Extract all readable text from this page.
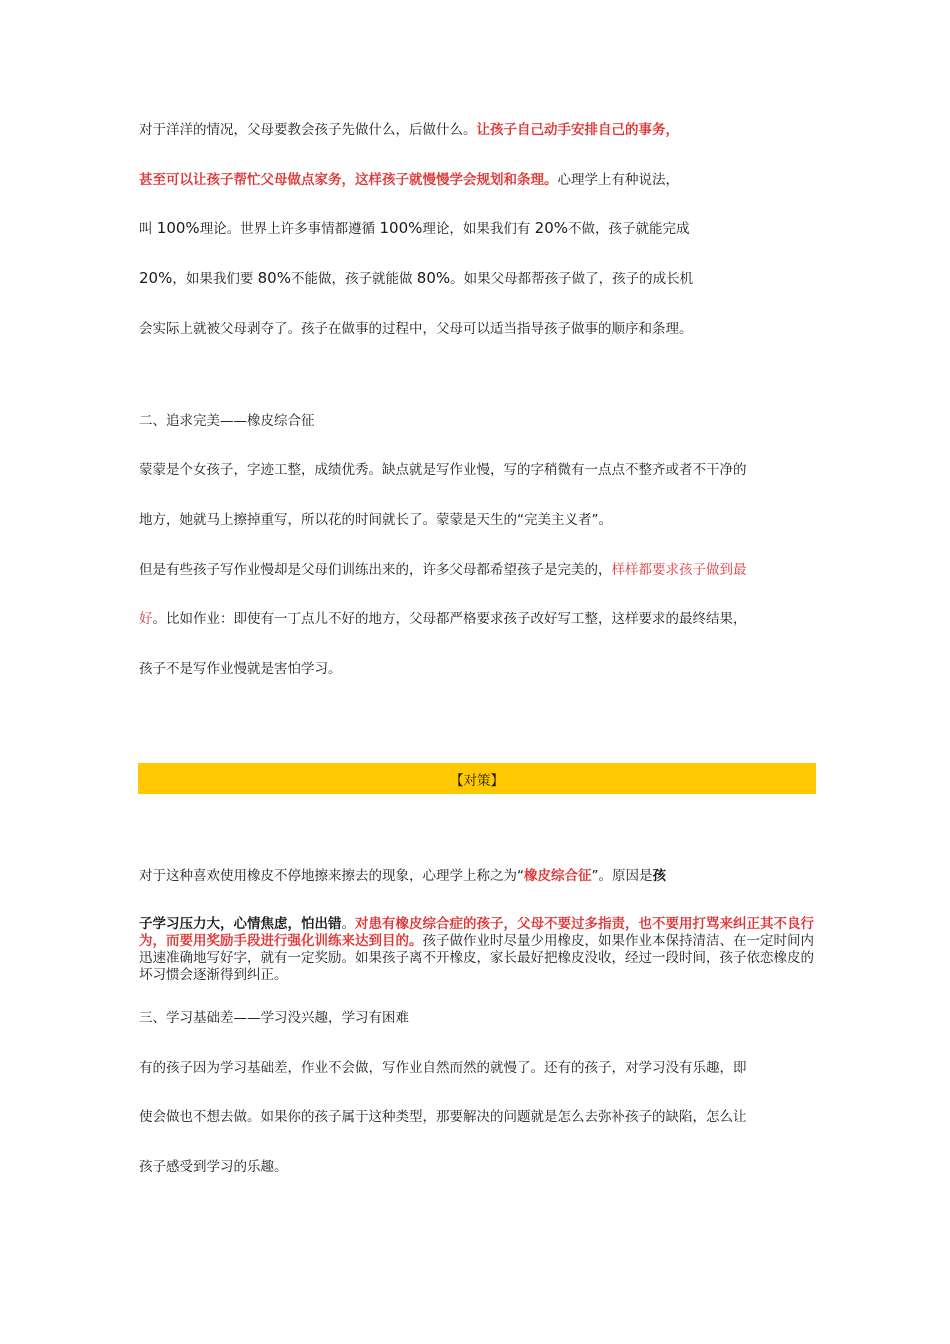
对于洋洋的情况，父母要教会孩子先做什么，后做什么。让孩子自己动手安排自己的事务，
甚至可以让孩子帮忙父母做点家务，这样孩子就慢慢学会规划和条理。心理学上有种说法，
叫 100%理论。世界上许多事情都遵循 100%理论，如果我们有 20%不做，孩子就能完成
20%，如果我们要 80%不能做，孩子就能做 80%。如果父母都帮孩子做了，孩子的成长机
会实际上就被父母剥夺了。孩子在做事的过程中，父母可以适当指导孩子做事的顺序和条理。
二、追求完美——橡皮综合征
蒙蒙是个女孩子，字迹工整，成绩优秀。缺点就是写作业慢，写的字稍微有一点点不整齐或者不干净的
地方，她就马上擦掉重写，所以花的时间就长了。蒙蒙是天生的“完美主义者”。
但是有些孩子写作业慢却是父母们训练出来的，许多父母都希望孩子是完美的，样样都要求孩子做到最
好。比如作业：即使有一丁点儿不好的地方，父母都严格要求孩子改好写工整，这样要求的最终结果，
孩子不是写作业慢就是害怕学习。
【对策】
对于这种喜欢使用橡皮不停地擦来擦去的现象，心理学上称之为“橡皮综合征”。原因是孩
子学习压力大，心情焦虑，怕出错。对患有橡皮综合症的孩子，父母不要过多指责，也不要用打骂来纠正其不良行为，而要用奖励手段进行强化训练来达到目的。孩子做作业时尽量少用橡皮，如果作业本保持清洁、在一定时间内迅速准确地写好字，就有一定奖励。如果孩子离不开橡皮，家长最好把橡皮没收，经过一段时间，孩子依恋橡皮的坏习惯会逐渐得到纠正。
三、学习基础差——学习没兴趣，学习有困难
有的孩子因为学习基础差，作业不会做，写作业自然而然的就慢了。还有的孩子，对学习没有乐趣，即
使会做也不想去做。如果你的孩子属于这种类型，那要解决的问题就是怎么去弥补孩子的缺陷，怎么让
孩子感受到学习的乐趣。
